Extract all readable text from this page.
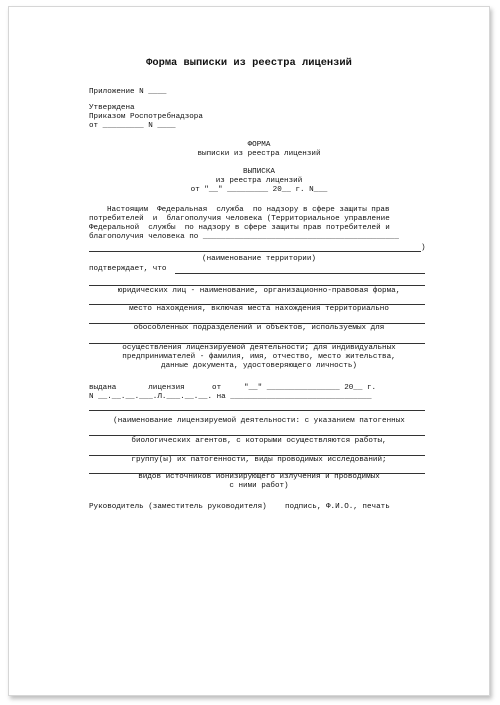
Форма выписки из реестра лицензий
Приложение N ____
Утверждена
Приказом Роспотребнадзора
от _________ N ____
ФОРМА
выписки из реестра лицензий
ВЫПИСКА
из реестра лицензий
от "__" _________ 20__ г. N___
Настоящим  Федеральная  служба  по надзору в сфере защиты прав
потребителей  и  благополучия человека (Территориальное управление
Федеральной  службы  по надзору в сфере защиты прав потребителей и
благополучия человека по ___________________________________________
)
(наименование территории)
подтверждает, что
юридических лиц - наименование, организационно-правовая форма,
место нахождения, включая места нахождения территориально
обособленных подразделений и объектов, используемых для
осуществления лицензируемой деятельности; для индивидуальных
предпринимателей - фамилия, имя, отчество, место жительства,
данные документа, удостоверяющего личность)
выдана       лицензия      от     "__" ________________ 20__ г.
N __.__.__.___.Л.___.__.__. на _______________________________
(наименование лицензируемой деятельности: с указанием патогенных
биологических агентов, с которыми осуществляются работы,
группу(ы) их патогенности, виды проводимых исследований;
видов источников ионизирующего излучения и проводимых
с ними работ)
Руководитель (заместитель руководителя)    подпись, Ф.И.О., печать
